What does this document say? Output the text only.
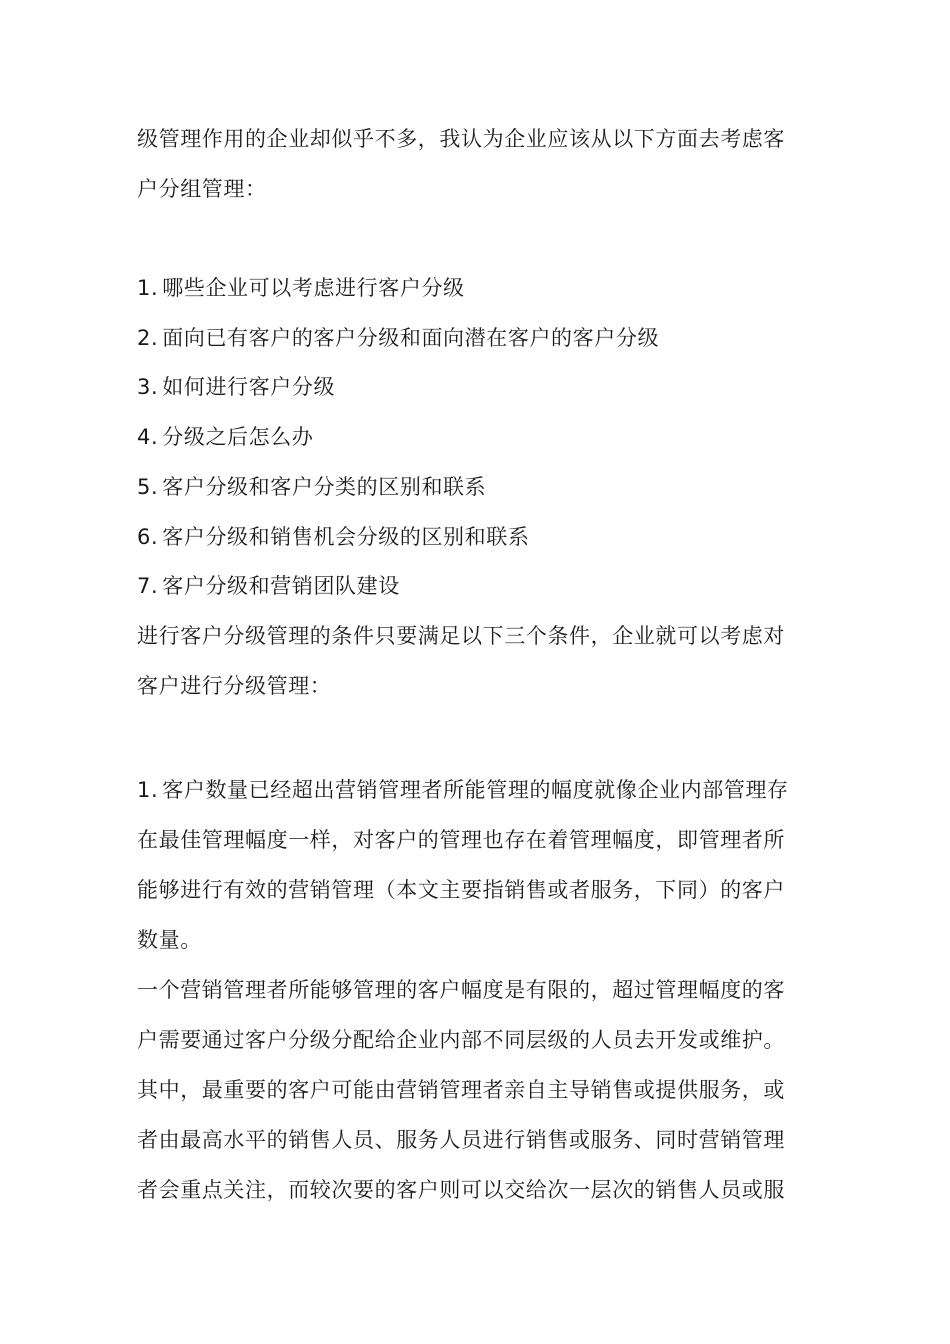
级管理作用的企业却似乎不多，我认为企业应该从以下方面去考虑客
户分组管理：
1. 哪些企业可以考虑进行客户分级
2. 面向已有客户的客户分级和面向潜在客户的客户分级
3. 如何进行客户分级
4. 分级之后怎么办
5. 客户分级和客户分类的区别和联系
6. 客户分级和销售机会分级的区别和联系
7. 客户分级和营销团队建设
进行客户分级管理的条件只要满足以下三个条件，企业就可以考虑对
客户进行分级管理：
1. 客户数量已经超出营销管理者所能管理的幅度就像企业内部管理存
在最佳管理幅度一样，对客户的管理也存在着管理幅度，即管理者所
能够进行有效的营销管理（本文主要指销售或者服务，下同）的客户
数量。
一个营销管理者所能够管理的客户幅度是有限的，超过管理幅度的客
户需要通过客户分级分配给企业内部不同层级的人员去开发或维护。
其中，最重要的客户可能由营销管理者亲自主导销售或提供服务，或
者由最高水平的销售人员、服务人员进行销售或服务、同时营销管理
者会重点关注，而较次要的客户则可以交给次一层次的销售人员或服
